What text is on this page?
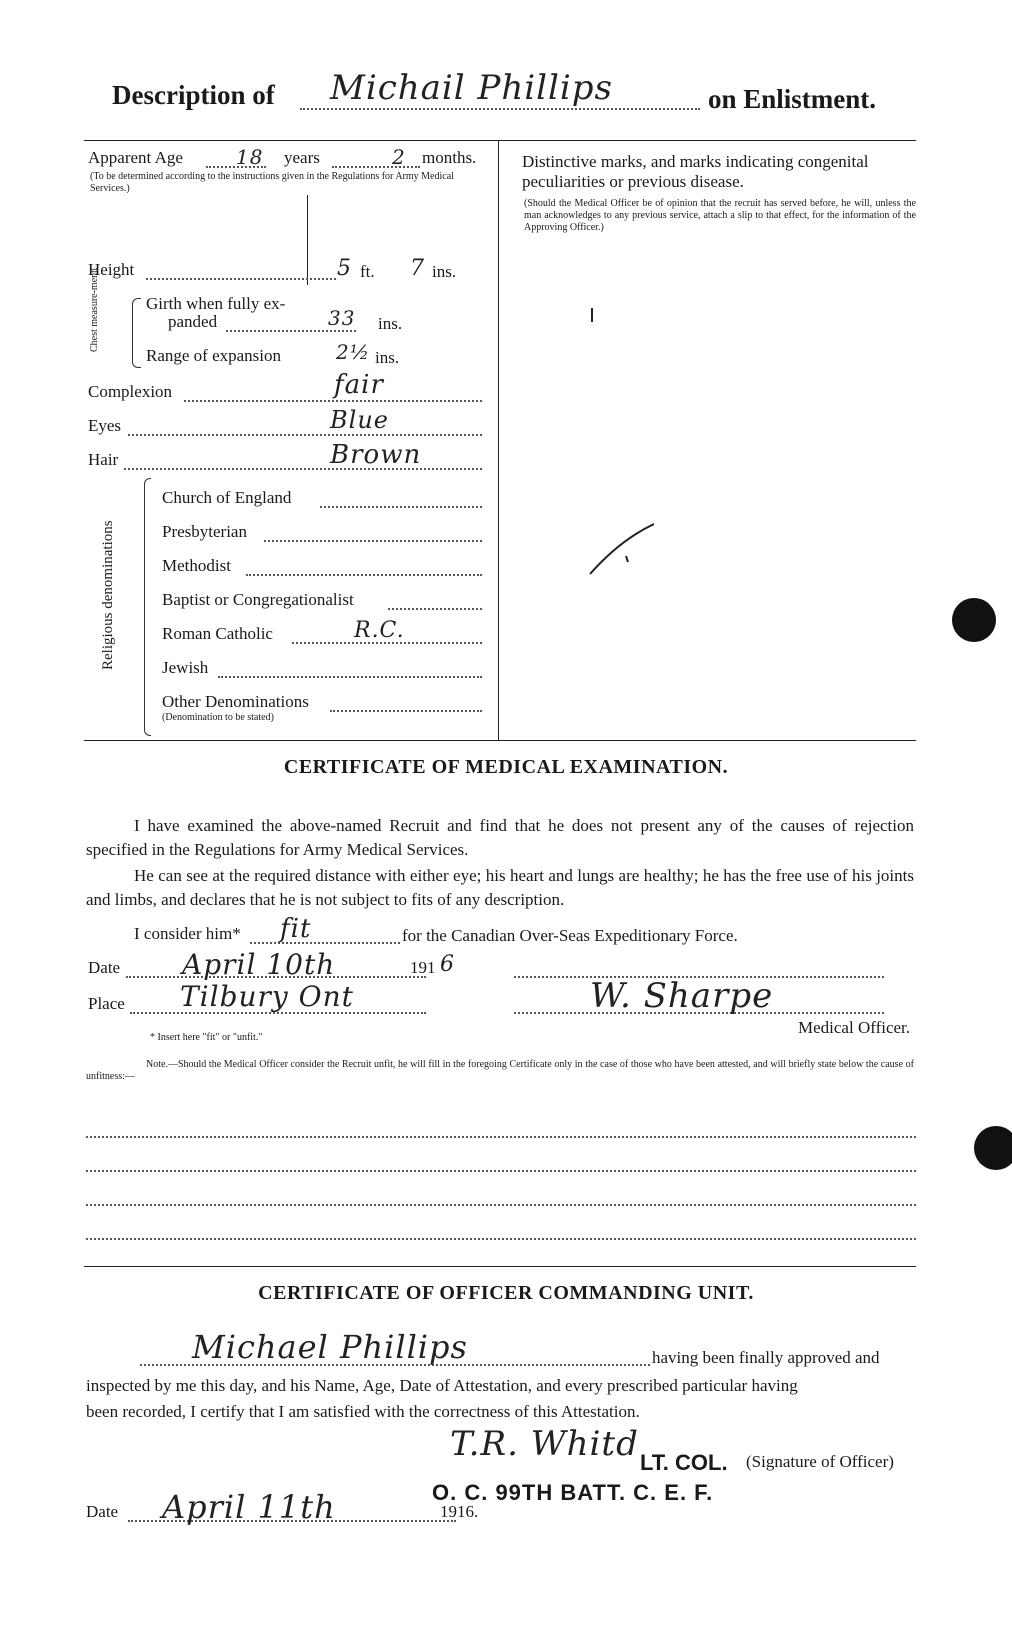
Description of Michail Phillips	on Enlistment.
Apparent Age	18 years	2 months.
(To be determined according to the instructions given in the Regulations for Army Medical Services.)
Height	5 ft. 7 ins.
Chest measure-ment.	Girth when fully ex-
panded	33 ins.
Range of expansion	2½ ins.
Complexion	fair
Eyes	Blue
Hair	Brown
Religious denominations
Church of England
Presbyterian
Methodist
Baptist or Congregationalist
Roman Catholic	R.C.
Jewish
Other Denominations
(Denomination to be stated)
Distinctive marks, and marks indicating congenital
peculiarities or previous disease.
(Should the Medical Officer be of opinion that the recruit has served before, he will, unless the man acknowledges to any previous service, attach a slip to that effect, for the information of the Approving Officer.)
CERTIFICATE OF MEDICAL EXAMINATION.
I have examined the above-named Recruit and find that he does not present any of the causes of rejection specified in the Regulations for Army Medical Services.
He can see at the required distance with either eye; his heart and lungs are healthy; he has the free use of his joints and limbs, and declares that he is not subject to fits of any description.
I consider him* fit	for the Canadian Over-Seas Expeditionary Force.
Date April 10th	191 6
Place Tilbury Ont	W. Sharpe
Medical Officer.
* Insert here "fit" or "unfit."
Note.—Should the Medical Officer consider the Recruit unfit, he will fill in the foregoing Certificate only in the case of those who have been attested, and will briefly state below the cause of unfitness:—
CERTIFICATE OF OFFICER COMMANDING UNIT.
Michael Phillips	having been finally approved and
inspected by me this day, and his Name, Age, Date of Attestation, and every prescribed particular having
been recorded, I certify that I am satisfied with the correctness of this Attestation.
T.R. Whitd LT. COL. (Signature of Officer)
O. C. 99TH BATT. C. E. F.
Date April 11th	1916.
